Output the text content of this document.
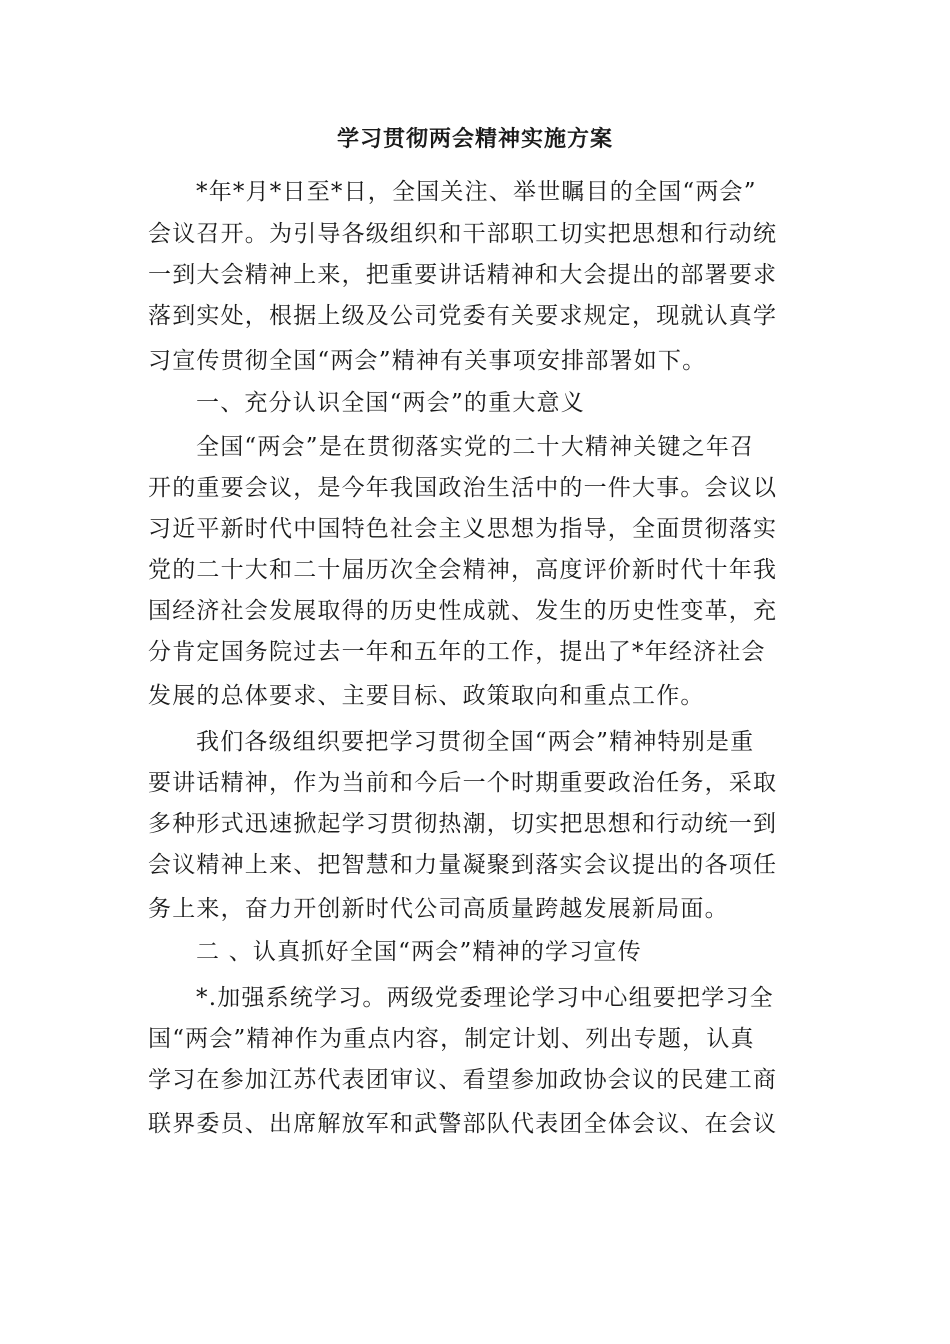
学习贯彻两会精神实施方案
*年*月*日至*日，全国关注、举世瞩目的全国“两会”
会议召开。为引导各级组织和干部职工切实把思想和行动统
一到大会精神上来，把重要讲话精神和大会提出的部署要求
落到实处，根据上级及公司党委有关要求规定，现就认真学
习宣传贯彻全国“两会”精神有关事项安排部署如下。
一、充分认识全国“两会”的重大意义
全国“两会”是在贯彻落实党的二十大精神关键之年召
开的重要会议，是今年我国政治生活中的一件大事。会议以
习近平新时代中国特色社会主义思想为指导，全面贯彻落实
党的二十大和二十届历次全会精神，高度评价新时代十年我
国经济社会发展取得的历史性成就、发生的历史性变革，充
分肯定国务院过去一年和五年的工作，提出了*年经济社会
发展的总体要求、主要目标、政策取向和重点工作。
我们各级组织要把学习贯彻全国“两会”精神特别是重
要讲话精神，作为当前和今后一个时期重要政治任务，采取
多种形式迅速掀起学习贯彻热潮，切实把思想和行动统一到
会议精神上来、把智慧和力量凝聚到落实会议提出的各项任
务上来，奋力开创新时代公司高质量跨越发展新局面。
二 、认真抓好全国“两会”精神的学习宣传
*.加强系统学习。两级党委理论学习中心组要把学习全
国“两会”精神作为重点内容，制定计划、列出专题，认真
学习在参加江苏代表团审议、看望参加政协会议的民建工商
联界委员、出席解放军和武警部队代表团全体会议、在会议
